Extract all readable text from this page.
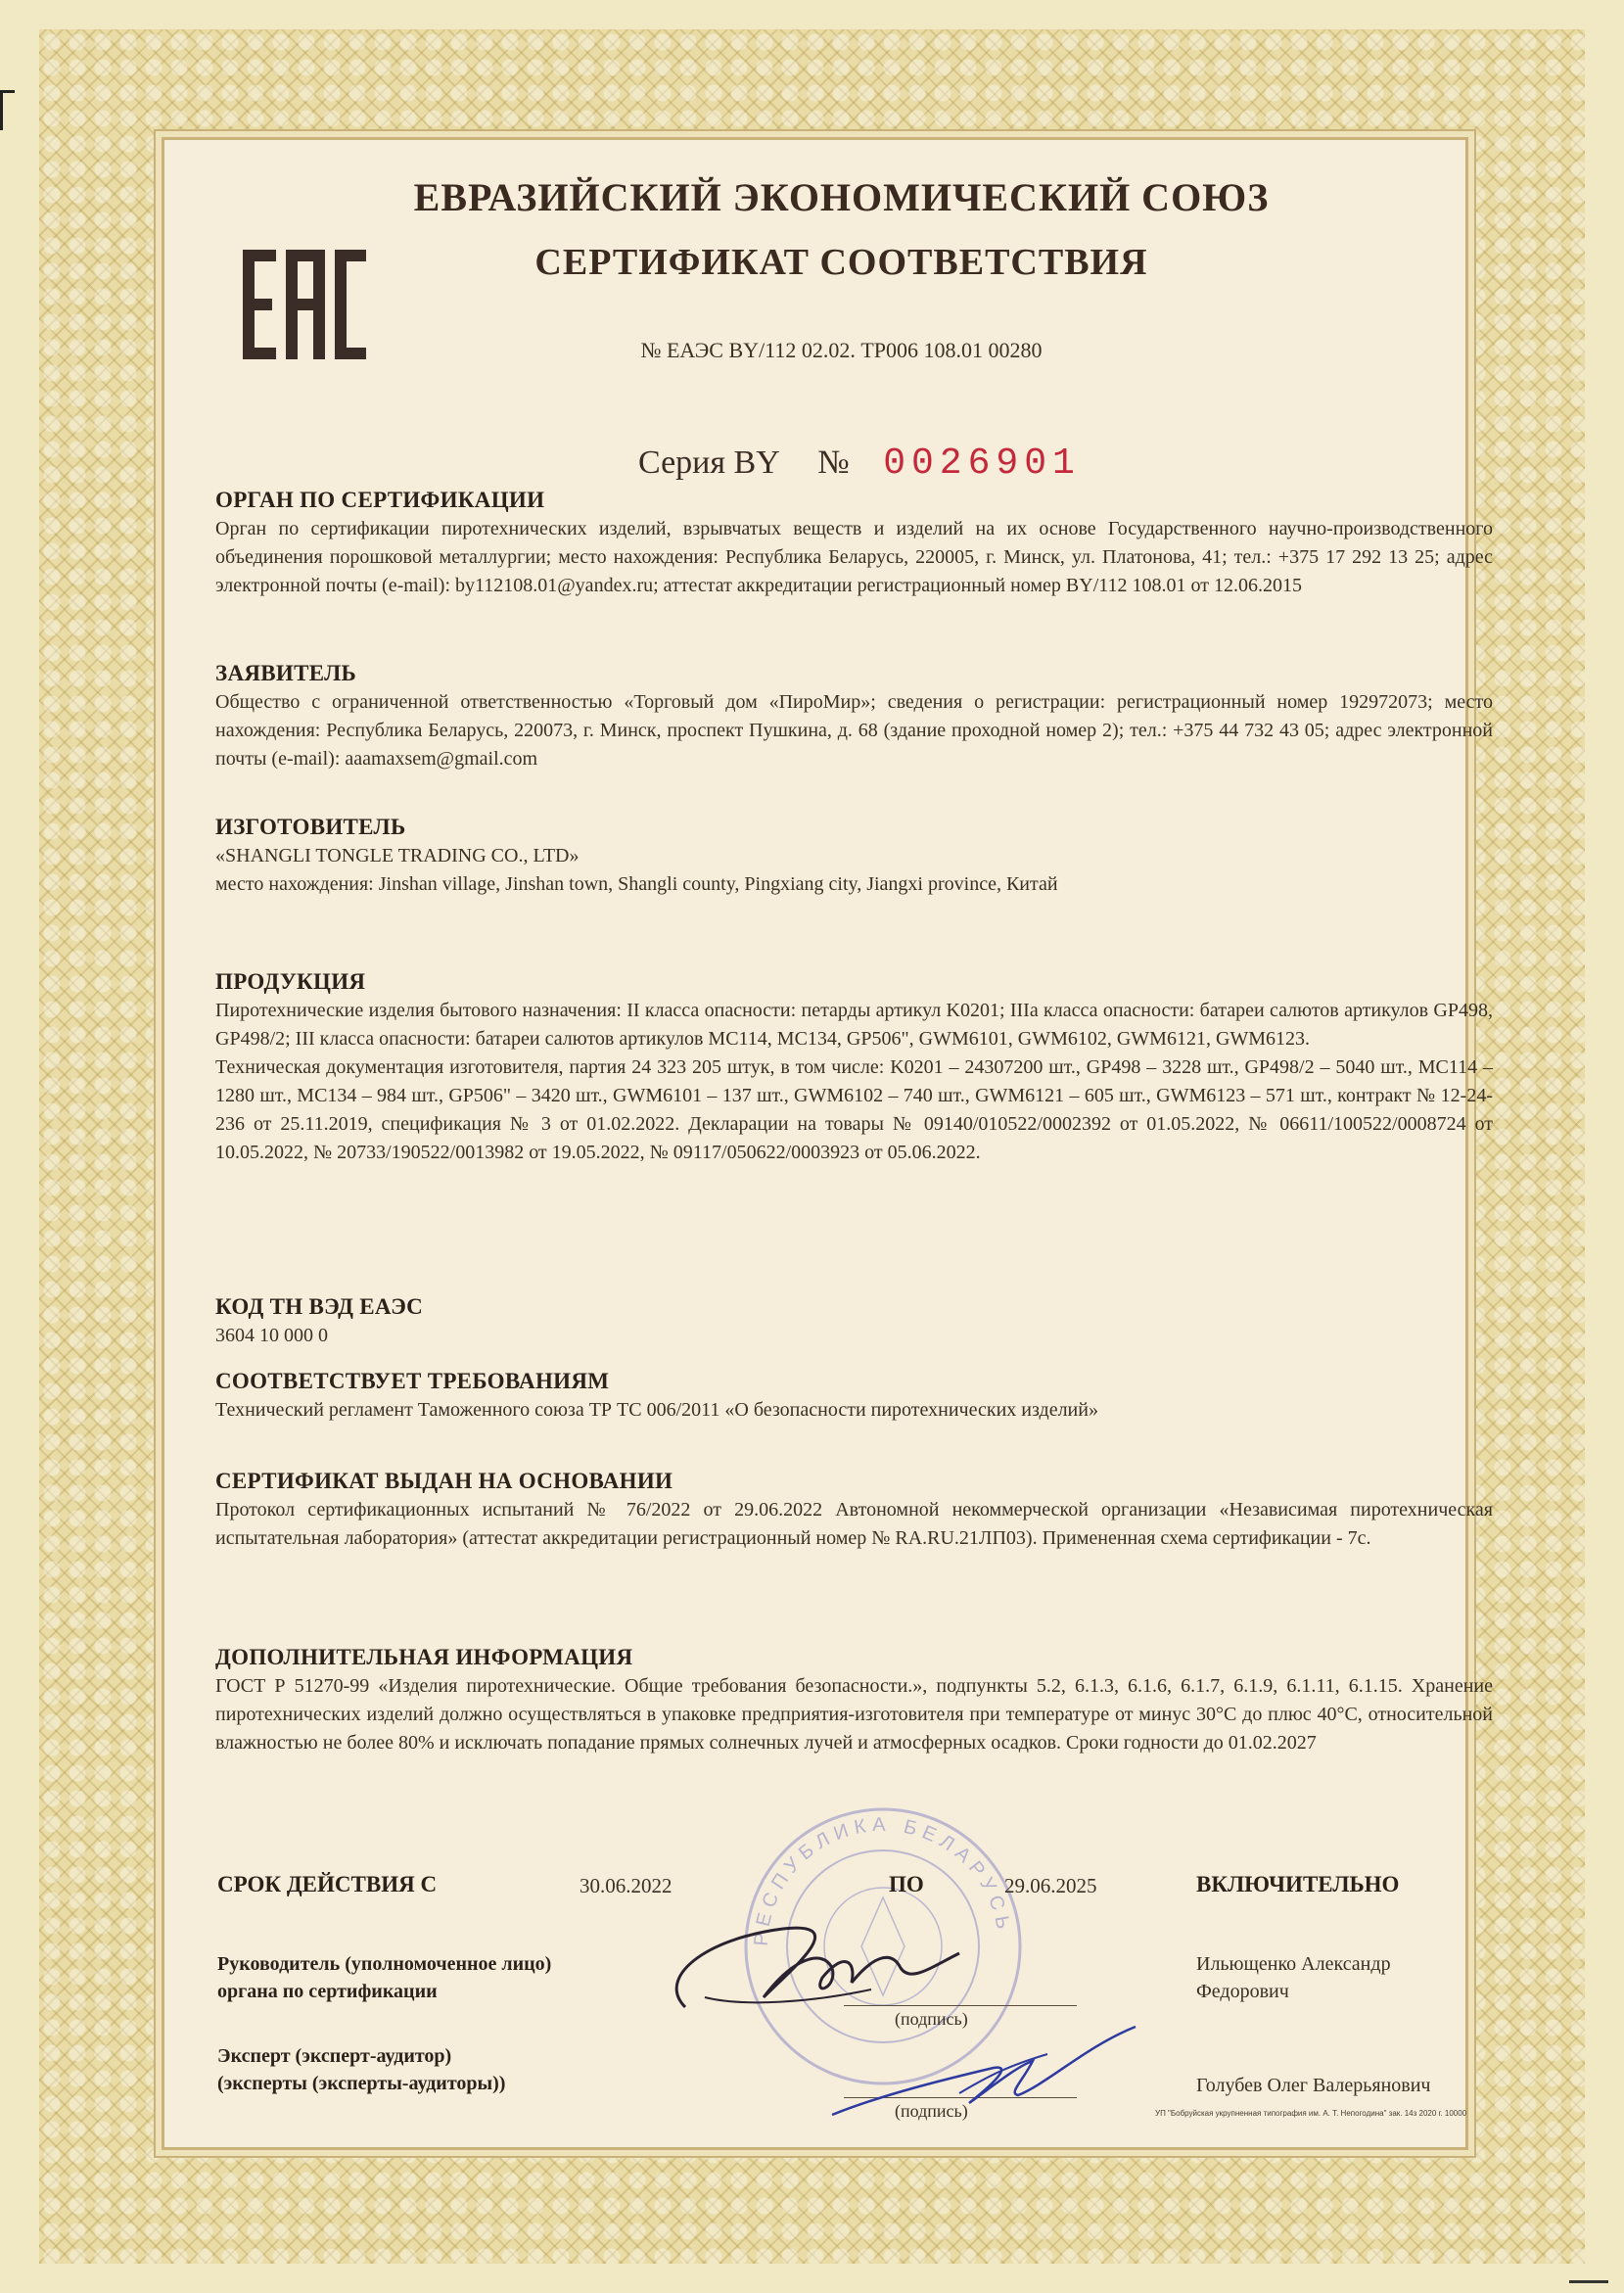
ЕВРАЗИЙСКИЙ ЭКОНОМИЧЕСКИЙ СОЮЗ
СЕРТИФИКАТ СООТВЕТСТВИЯ
№ ЕАЭС BY/112 02.02. ТР006 108.01 00280
Серия BY № 0026901
ОРГАН ПО СЕРТИФИКАЦИИ
Орган по сертификации пиротехнических изделий, взрывчатых веществ и изделий на их основе Государственного научно-производственного объединения порошковой металлургии; место нахождения: Республика Беларусь, 220005, г. Минск, ул. Платонова, 41; тел.: +375 17 292 13 25; адрес электронной почты (e-mail): by112108.01@yandex.ru; аттестат аккредитации регистрационный номер BY/112 108.01 от 12.06.2015
ЗАЯВИТЕЛЬ
Общество с ограниченной ответственностью «Торговый дом «ПироМир»; сведения о регистрации: регистрационный номер 192972073; место нахождения: Республика Беларусь, 220073, г. Минск, проспект Пушкина, д. 68 (здание проходной номер 2); тел.: +375 44 732 43 05; адрес электронной почты (e-mail): aaamaxsem@gmail.com
ИЗГОТОВИТЕЛЬ
«SHANGLI TONGLE TRADING CO., LTD»
место нахождения: Jinshan village, Jinshan town, Shangli county, Pingxiang city, Jiangxi province, Китай
ПРОДУКЦИЯ

Пиротехнические изделия бытового назначения: II класса опасности: петарды артикул K0201; IIIa класса опасности: батареи салютов артикулов GP498, GP498/2; III класса опасности: батареи салютов артикулов MC114, MC134, GP506", GWM6101, GWM6102, GWM6121, GWM6123.

Техническая документация изготовителя, партия 24 323 205 штук, в том числе: K0201 – 24307200 шт., GP498 – 3228 шт., GP498/2 – 5040 шт., MC114 – 1280 шт., MC134 – 984 шт., GP506" – 3420 шт., GWM6101 – 137 шт., GWM6102 – 740 шт., GWM6121 – 605 шт., GWM6123 – 571 шт., контракт № 12-24-236 от 25.11.2019, спецификация № 3 от 01.02.2022. Декларации на товары № 09140/010522/0002392 от 01.05.2022, № 06611/100522/0008724 от 10.05.2022, № 20733/190522/0013982 от 19.05.2022, № 09117/050622/0003923 от 05.06.2022.

КОД ТН ВЭД ЕАЭС
3604 10 000 0
СООТВЕТСТВУЕТ ТРЕБОВАНИЯМ
Технический регламент Таможенного союза ТР ТС 006/2011 «О безопасности пиротехнических изделий»
СЕРТИФИКАТ ВЫДАН НА ОСНОВАНИИ
Протокол сертификационных испытаний № 76/2022 от 29.06.2022 Автономной некоммерческой организации «Независимая пиротехническая испытательная лаборатория» (аттестат аккредитации регистрационный номер № RA.RU.21ЛП03). Примененная схема сертификации - 7с.
ДОПОЛНИТЕЛЬНАЯ ИНФОРМАЦИЯ
ГОСТ Р 51270-99 «Изделия пиротехнические. Общие требования безопасности.», подпункты 5.2, 6.1.3, 6.1.6, 6.1.7, 6.1.9, 6.1.11, 6.1.15. Хранение пиротехнических изделий должно осуществляться в упаковке предприятия-изготовителя при температуре от минус 30°С до плюс 40°С, относительной влажностью не более 80% и исключать попадание прямых солнечных лучей и атмосферных осадков. Сроки годности до 01.02.2027
РЕСПУБЛИКА БЕЛАРУСЬ
СРОК ДЕЙСТВИЯ С	30.06.2022	ПО	29.06.2025	ВКЛЮЧИТЕЛЬНО
Руководитель (уполномоченное лицо)
органа по сертификации
Ильющенко Александр
Федорович
(подпись)
Эксперт (эксперт-аудитор)
(эксперты (эксперты-аудиторы))	Голубев Олег Валерьянович
(подпись)	УП "Бобруйская укрупненная типография им. А. Т. Непогодина" зак. 14з 2020 г. 10000
